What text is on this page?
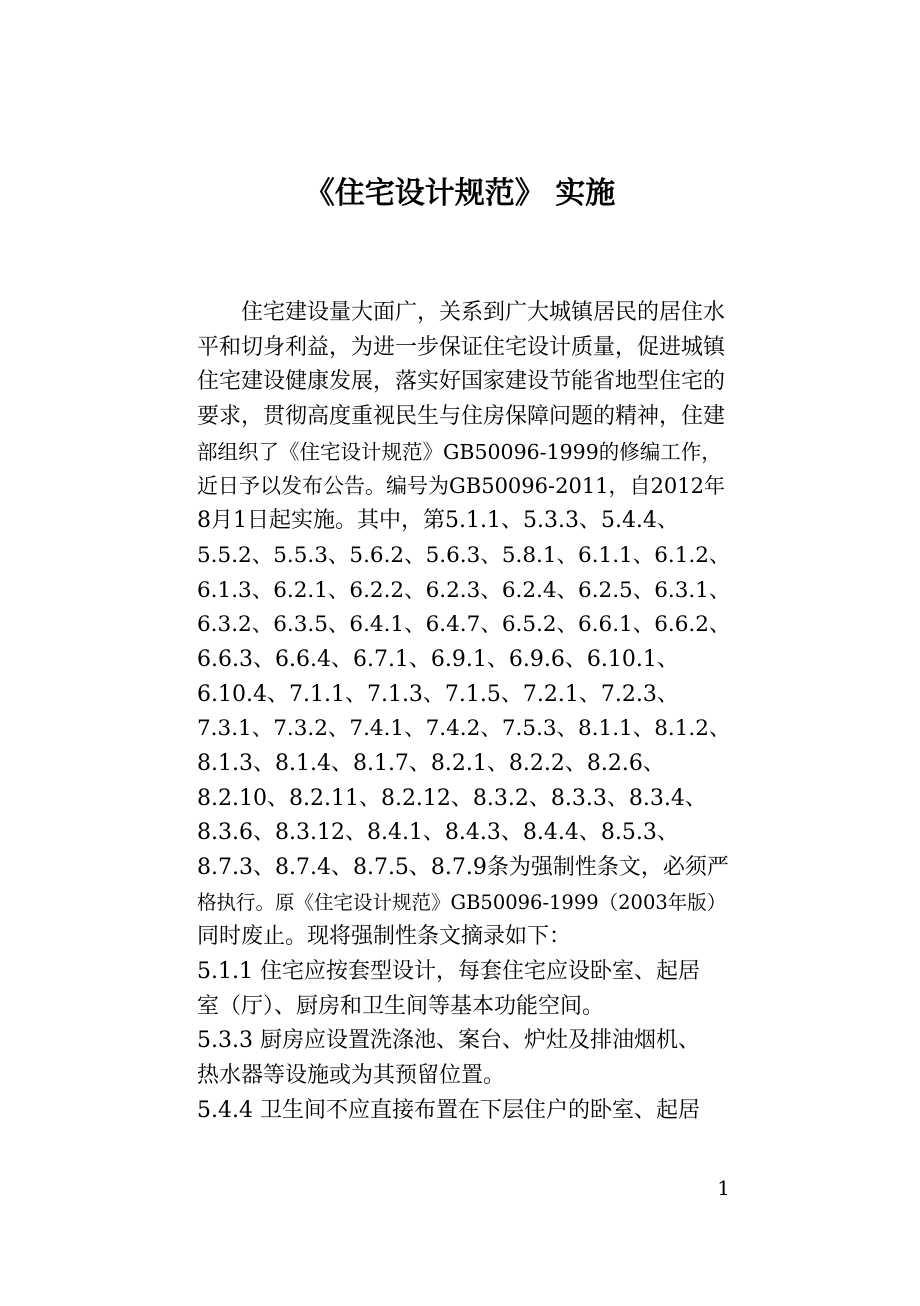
《住宅设计规范》 实施
住宅建设量大面广，关系到广大城镇居民的居住水
平和切身利益，为进一步保证住宅设计质量，促进城镇
住宅建设健康发展，落实好国家建设节能省地型住宅的
要求，贯彻高度重视民生与住房保障问题的精神，住建
部组织了《住宅设计规范》GB50096-1999的修编工作，
近日予以发布公告。编号为GB50096-2011，自2012年
8月1日起实施。其中，第5.1.1、5.3.3、5.4.4、
5.5.2、5.5.3、5.6.2、5.6.3、5.8.1、6.1.1、6.1.2、
6.1.3、6.2.1、6.2.2、6.2.3、6.2.4、6.2.5、6.3.1、
6.3.2、6.3.5、6.4.1、6.4.7、6.5.2、6.6.1、6.6.2、
6.6.3、6.6.4、6.7.1、6.9.1、6.9.6、6.10.1、
6.10.4、7.1.1、7.1.3、7.1.5、7.2.1、7.2.3、
7.3.1、7.3.2、7.4.1、7.4.2、7.5.3、8.1.1、8.1.2、
8.1.3、8.1.4、8.1.7、8.2.1、8.2.2、8.2.6、
8.2.10、8.2.11、8.2.12、8.3.2、8.3.3、8.3.4、
8.3.6、8.3.12、8.4.1、8.4.3、8.4.4、8.5.3、
8.7.3、8.7.4、8.7.5、8.7.9条为强制性条文，必须严
格执行。原《住宅设计规范》GB50096-1999（2003年版）
同时废止。现将强制性条文摘录如下：
5.1.1 住宅应按套型设计，每套住宅应设卧室、起居
室（厅）、厨房和卫生间等基本功能空间。
5.3.3 厨房应设置洗涤池、案台、炉灶及排油烟机、
热水器等设施或为其预留位置。
5.4.4 卫生间不应直接布置在下层住户的卧室、起居
1
